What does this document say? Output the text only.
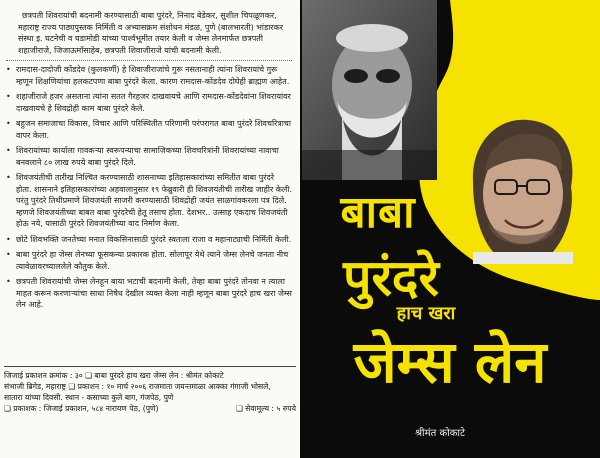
छत्रपती शिवरायांची बदनामी करण्यासाठी बाबा पुरंदरे, निनाद बेडेकर, सुशील चिपळूणकर, महाराष्ट्र राज्य पाठ्यपुस्तक निर्मिती व अभ्यासक्रम संशोधन मंडळ, पुणे (बालभारती) भांडारकर संस्था इ. घटनेची व घडामोडी यांच्या पार्श्वभूमीत तयार केली व जेम्स लेनमार्फत छत्रपती शहाजीराजे, जिजाऊमाँसाहेब, छत्रपती शिवाजीराजे यांची बदनामी केली.

• रामदास-दादोजी कोंडदेव (कुलकर्णी) हे शिवाजीराजांचे गुरू नसतानाही त्यांना शिवरायांचे गुरू म्हणून शिक्षणियांचा हलकटपणा बाबा पुरंदरे केला. कारण रामदास-कोंडदेव दोघेही ब्राह्मण आहेत.
• शहाजीराजे हजर असताना त्यांना सतत गैरहजर दाखवायचे आणि रामदास-कोंडदेवांना शिवरायांवर दाखवायचे हे शिवद्रोही काम बाबा पुरंदरे केले.
• बहुजन समाजाचा विकास, विचार आणि परिस्थितीत परिणामी परंपरागत बाबा पुरंदरे शिवचरित्राचा वापर केला.
• शिवरायांच्या कार्याला गावकऱ्या स्वरूपन्याचा सामाजिकच्या शिवचरित्रांनी शिवरायांच्या नावाचा बनवलाने ८० लाख रुपये बाबा पुरंदरे दिले.
• शिवजयंतीची तारीख निश्चित करण्यासाठी शासनाच्या इतिहासकारांच्या समितीत बाबा पुरंदरे होता. शासनाने इतिहासकारांच्या अहवालानुसार १९ फेब्रुवारी ही शिवजयंतीची तारीख जाहीर केली. परंतु पुरंदरे तिथीप्रमाणे शिवजयंती साजरी करण्यासाठी शिवद्रोही जयंत साळगांवकरला पत्र दिले. म्हणजे शिवजयंतीच्या बाबत बाबा पुरंदरेची हेतू तसाच होता. देशभर.. उत्साह एकदाच शिवजयंती होऊ नये, यासाठी पुरंदरे शिवजयंतीच्या वाद निर्माण केला.
• छोटे शिवभक्ति जनतेच्या मनात विकसिनासाठी पुरंदरे स्वतःला राजा व महानाट्याची निर्मिती केली.
• बाबा पुरंदरे हा जेम्स लेनच्या फूसकन्या प्रकारक होता. सोलापूर येथे त्याने जेम्स लेनचे जनता नीच त्यावेळावरच्याललेले कौतुक केले.
• छत्रपती शिवरायांची जेम्स लेनहून बाया भटाची बदनामी केली, तेव्हा बाबा पुरंदरे तोनवा न त्याला माहत करून करणाऱ्यांचा साधा निषेध देखील व्यक्त केला नाही म्हणून बाबा पुरंदरे हाच खरा जेम्स लेन आहे.
जिजाई प्रकाशन क्रमांक : ३० ❑ बाबा पुरंदरे हाच खरा जेम्स लेन : श्रीमंत कोकाटे
संभाजी ब्रिगेड, महाराष्ट्र ❑ प्रकाशन : १० मार्च २००६ राजमाता जयन्तमाळा आक्का गंगाजी भोसले,
सातारा यांच्या दिवसी. स्थान - कसाच्या कुले बाग, गंजपेठ, पुणे
❑ प्रकाशक : जिजाई प्रकाशन, ५८४ नारायण पेठ, (पुणे)	❑ सेवामूल्य : ५ रुपये
बाबा
पुरंदरे
हाच खरा
जेम्स लेन
श्रीमंत कोकाटे
